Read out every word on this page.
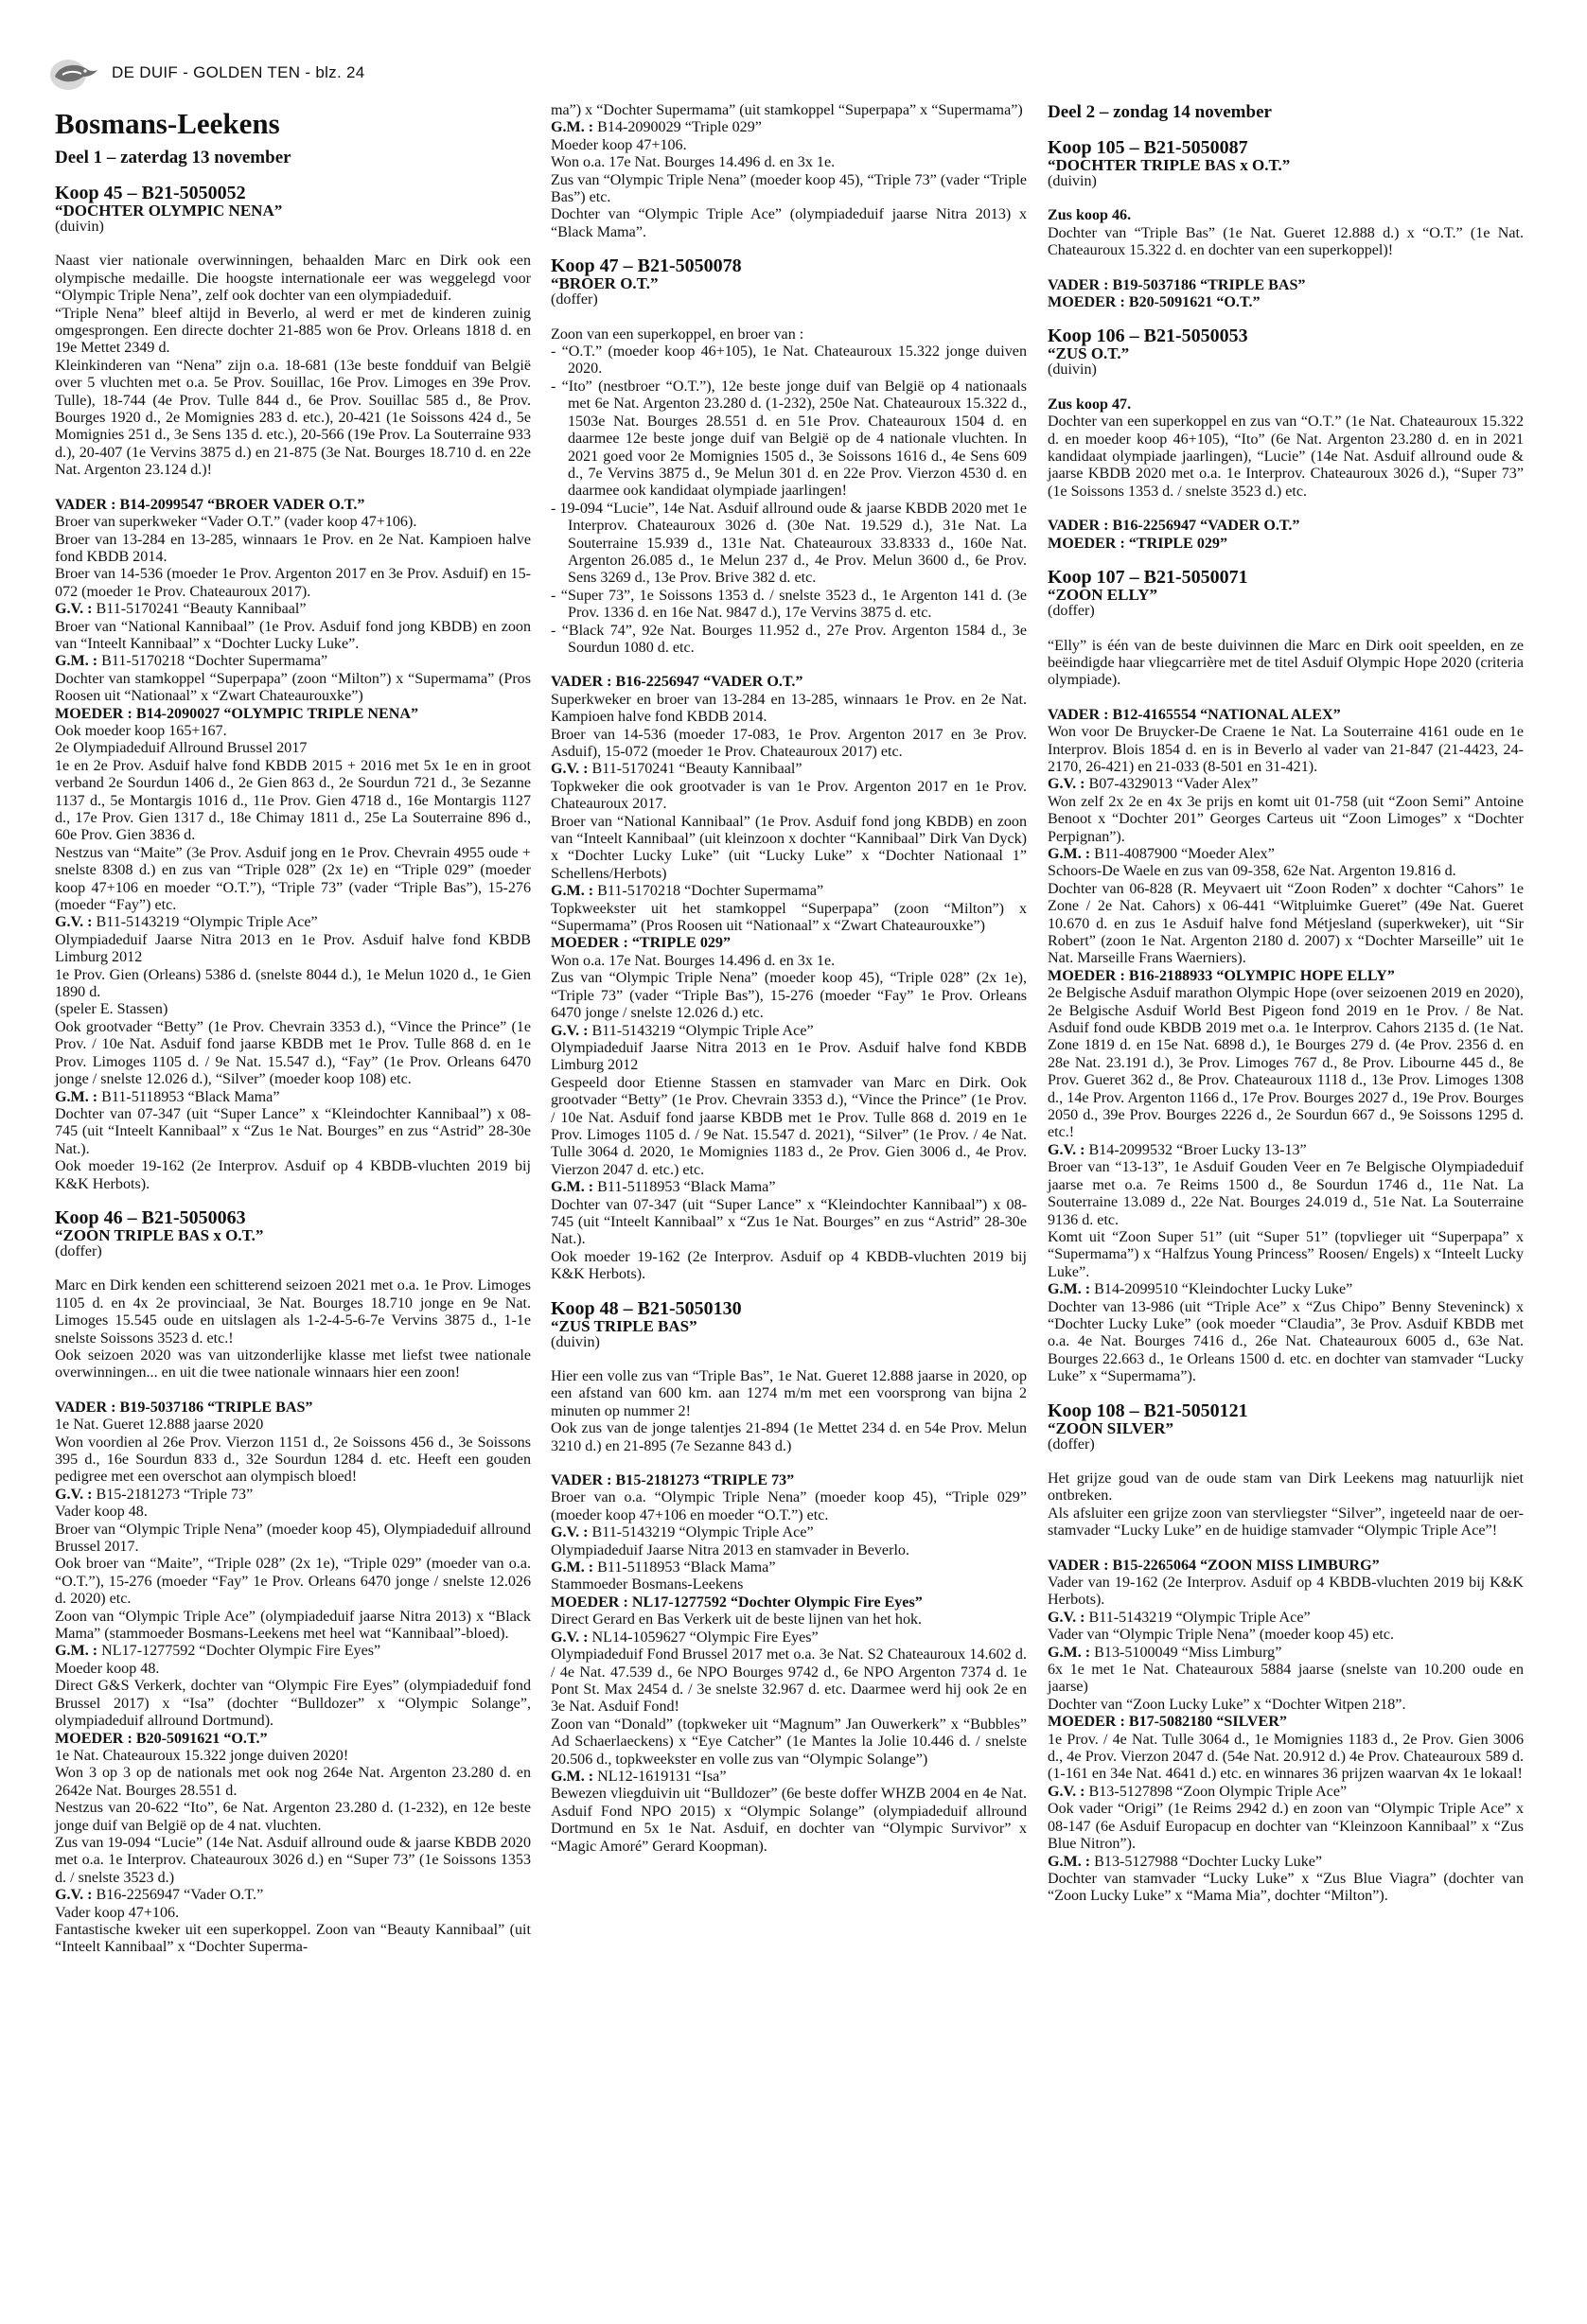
DE DUIF - GOLDEN TEN - blz. 24
Bosmans-Leekens
Deel 1 – zaterdag 13 november
Koop 45 – B21-5050052
“DOCHTER OLYMPIC NENA”
(duivin)

Naast vier nationale overwinningen, behaalden Marc en Dirk ook een olympische medaille. Die hoogste internationale eer was weggelegd voor “Olympic Triple Nena”, zelf ook dochter van een olympiadeduif.

“Triple Nena” bleef altijd in Beverlo, al werd er met de kinderen zuinig omgesprongen. Een directe dochter 21-885 won 6e Prov. Orleans 1818 d. en 19e Mettet 2349 d.

Kleinkinderen van “Nena” zijn o.a. 18-681 (13e beste fondduif van België over 5 vluchten met o.a. 5e Prov. Souillac, 16e Prov. Limoges en 39e Prov. Tulle), 18-744 (4e Prov. Tulle 844 d., 6e Prov. Souillac 585 d., 8e Prov. Bourges 1920 d., 2e Momignies 283 d. etc.), 20-421 (1e Soissons 424 d., 5e Momignies 251 d., 3e Sens 135 d. etc.), 20-566 (19e Prov. La Souterraine 933 d.), 20-407 (1e Vervins 3875 d.) en 21-875 (3e Nat. Bourges 18.710 d. en 22e Nat. Argenton 23.124 d.)!

VADER : B14-2099547 “BROER VADER O.T.”

Broer van superkweker “Vader O.T.” (vader koop 47+106).

Broer van 13-284 en 13-285, winnaars 1e Prov. en 2e Nat. Kampioen halve fond KBDB 2014.

Broer van 14-536 (moeder 1e Prov. Argenton 2017 en 3e Prov. Asduif) en 15-072 (moeder 1e Prov. Chateauroux 2017).

G.V. : B11-5170241 “Beauty Kannibaal”

Broer van “National Kannibaal” (1e Prov. Asduif fond jong KBDB) en zoon van “Inteelt Kannibaal” x “Dochter Lucky Luke”.

G.M. : B11-5170218 “Dochter Supermama”

Dochter van stamkoppel “Superpapa” (zoon “Milton”) x “Supermama” (Pros Roosen uit “Nationaal” x “Zwart Chateaurouxke”)

MOEDER : B14-2090027 “OLYMPIC TRIPLE NENA”

Ook moeder koop 165+167.

2e Olympiadeduif Allround Brussel 2017

1e en 2e Prov. Asduif halve fond KBDB 2015 + 2016 met 5x 1e en in groot verband 2e Sourdun 1406 d., 2e Gien 863 d., 2e Sourdun 721 d., 3e Sezanne 1137 d., 5e Montargis 1016 d., 11e Prov. Gien 4718 d., 16e Montargis 1127 d., 17e Prov. Gien 1317 d., 18e Chimay 1811 d., 25e La Souterraine 896 d., 60e Prov. Gien 3836 d.

Nestzus van “Maite” (3e Prov. Asduif jong en 1e Prov. Chevrain 4955 oude + snelste 8308 d.) en zus van “Triple 028” (2x 1e) en “Triple 029” (moeder koop 47+106 en moeder “O.T.”), “Triple 73” (vader “Triple Bas”), 15-276 (moeder “Fay”) etc.

G.V. : B11-5143219 “Olympic Triple Ace”

Olympiadeduif Jaarse Nitra 2013 en 1e Prov. Asduif halve fond KBDB Limburg 2012

1e Prov. Gien (Orleans) 5386 d. (snelste 8044 d.), 1e Melun 1020 d., 1e Gien 1890 d.

(speler E. Stassen)

Ook grootvader “Betty” (1e Prov. Chevrain 3353 d.), “Vince the Prince” (1e Prov. / 10e Nat. Asduif fond jaarse KBDB met 1e Prov. Tulle 868 d. en 1e Prov. Limoges 1105 d. / 9e Nat. 15.547 d.), “Fay” (1e Prov. Orleans 6470 jonge / snelste 12.026 d.), “Silver” (moeder koop 108) etc.

G.M. : B11-5118953 “Black Mama”

Dochter van 07-347 (uit “Super Lance” x “Kleindochter Kannibaal”) x 08-745 (uit “Inteelt Kannibaal” x “Zus 1e Nat. Bourges” en zus “Astrid” 28-30e Nat.).

Ook moeder 19-162 (2e Interprov. Asduif op 4 KBDB-vluchten 2019 bij K&K Herbots).

Koop 46 – B21-5050063
“ZOON TRIPLE BAS x O.T.”
(doffer)

Marc en Dirk kenden een schitterend seizoen 2021 met o.a. 1e Prov. Limoges 1105 d. en 4x 2e provinciaal, 3e Nat. Bourges 18.710 jonge en 9e Nat. Limoges 15.545 oude en uitslagen als 1-2-4-5-6-7e Vervins 3875 d., 1-1e snelste Soissons 3523 d. etc.!

Ook seizoen 2020 was van uitzonderlijke klasse met liefst twee nationale overwinningen... en uit die twee nationale winnaars hier een zoon!

VADER : B19-5037186 “TRIPLE BAS”

1e Nat. Gueret 12.888 jaarse 2020

Won voordien al 26e Prov. Vierzon 1151 d., 2e Soissons 456 d., 3e Soissons 395 d., 16e Sourdun 833 d., 32e Sourdun 1284 d. etc. Heeft een gouden pedigree met een overschot aan olympisch bloed!

G.V. : B15-2181273 “Triple 73”

Vader koop 48.

Broer van “Olympic Triple Nena” (moeder koop 45), Olympiadeduif allround Brussel 2017.

Ook broer van “Maite”, “Triple 028” (2x 1e), “Triple 029” (moeder van o.a. “O.T.”), 15-276 (moeder “Fay” 1e Prov. Orleans 6470 jonge / snelste 12.026 d. 2020) etc.

Zoon van “Olympic Triple Ace” (olympiadeduif jaarse Nitra 2013) x “Black Mama” (stammoeder Bosmans-Leekens met heel wat “Kannibaal”-bloed).

G.M. : NL17-1277592 “Dochter Olympic Fire Eyes”

Moeder koop 48.

Direct G&S Verkerk, dochter van “Olympic Fire Eyes” (olympiadeduif fond Brussel 2017) x “Isa” (dochter “Bulldozer” x “Olympic Solange”, olympiadeduif allround Dortmund).

MOEDER : B20-5091621 “O.T.”

1e Nat. Chateauroux 15.322 jonge duiven 2020!

Won 3 op 3 op de nationals met ook nog 264e Nat. Argenton 23.280 d. en 2642e Nat. Bourges 28.551 d.

Nestzus van 20-622 “Ito”, 6e Nat. Argenton 23.280 d. (1-232), en 12e beste jonge duif van België op de 4 nat. vluchten.

Zus van 19-094 “Lucie” (14e Nat. Asduif allround oude & jaarse KBDB 2020 met o.a. 1e Interprov. Chateauroux 3026 d.) en “Super 73” (1e Soissons 1353 d. / snelste 3523 d.)

G.V. : B16-2256947 “Vader O.T.”

Vader koop 47+106.

Fantastische kweker uit een superkoppel. Zoon van “Beauty Kannibaal” (uit “Inteelt Kannibaal” x “Dochter Superma-

ma”) x “Dochter Supermama” (uit stamkoppel “Superpapa” x “Supermama”)

G.M. : B14-2090029 “Triple 029”

Moeder koop 47+106.

Won o.a. 17e Nat. Bourges 14.496 d. en 3x 1e.

Zus van “Olympic Triple Nena” (moeder koop 45), “Triple 73” (vader “Triple Bas”) etc.

Dochter van “Olympic Triple Ace” (olympiadeduif jaarse Nitra 2013) x “Black Mama”.

Koop 47 – B21-5050078
“BROER O.T.”
(doffer)

Zoon van een superkoppel, en broer van :

- “O.T.” (moeder koop 46+105), 1e Nat. Chateauroux 15.322 jonge duiven 2020.

- “Ito” (nestbroer “O.T.”), 12e beste jonge duif van België op 4 nationaals met 6e Nat. Argenton 23.280 d. (1-232), 250e Nat. Chateauroux 15.322 d., 1503e Nat. Bourges 28.551 d. en 51e Prov. Chateauroux 1504 d. en daarmee 12e beste jonge duif van België op de 4 nationale vluchten. In 2021 goed voor 2e Momignies 1505 d., 3e Soissons 1616 d., 4e Sens 609 d., 7e Vervins 3875 d., 9e Melun 301 d. en 22e Prov. Vierzon 4530 d. en daarmee ook kandidaat olympiade jaarlingen!

- 19-094 “Lucie”, 14e Nat. Asduif allround oude & jaarse KBDB 2020 met 1e Interprov. Chateauroux 3026 d. (30e Nat. 19.529 d.), 31e Nat. La Souterraine 15.939 d., 131e Nat. Chateauroux 33.8333 d., 160e Nat. Argenton 26.085 d., 1e Melun 237 d., 4e Prov. Melun 3600 d., 6e Prov. Sens 3269 d., 13e Prov. Brive 382 d. etc.

- “Super 73”, 1e Soissons 1353 d. / snelste 3523 d., 1e Argenton 141 d. (3e Prov. 1336 d. en 16e Nat. 9847 d.), 17e Vervins 3875 d. etc.

- “Black 74”, 92e Nat. Bourges 11.952 d., 27e Prov. Argenton 1584 d., 3e Sourdun 1080 d. etc.

VADER : B16-2256947 “VADER O.T.”

Superkweker en broer van 13-284 en 13-285, winnaars 1e Prov. en 2e Nat. Kampioen halve fond KBDB 2014.

Broer van 14-536 (moeder 17-083, 1e Prov. Argenton 2017 en 3e Prov. Asduif), 15-072 (moeder 1e Prov. Chateauroux 2017) etc.

G.V. : B11-5170241 “Beauty Kannibaal”

Topkweker die ook grootvader is van 1e Prov. Argenton 2017 en 1e Prov. Chateauroux 2017.

Broer van “National Kannibaal” (1e Prov. Asduif fond jong KBDB) en zoon van “Inteelt Kannibaal” (uit kleinzoon x dochter “Kannibaal” Dirk Van Dyck) x “Dochter Lucky Luke” (uit “Lucky Luke” x “Dochter Nationaal 1” Schellens/Herbots)

G.M. : B11-5170218 “Dochter Supermama”

Topkweekster uit het stamkoppel “Superpapa” (zoon “Milton”) x “Supermama” (Pros Roosen uit “Nationaal” x “Zwart Chateaurouxke”)

MOEDER : “TRIPLE 029”

Won o.a. 17e Nat. Bourges 14.496 d. en 3x 1e.

Zus van “Olympic Triple Nena” (moeder koop 45), “Triple 028” (2x 1e), “Triple 73” (vader “Triple Bas”), 15-276 (moeder “Fay” 1e Prov. Orleans 6470 jonge / snelste 12.026 d.) etc.

G.V. : B11-5143219 “Olympic Triple Ace”

Olympiadeduif Jaarse Nitra 2013 en 1e Prov. Asduif halve fond KBDB Limburg 2012

Gespeeld door Etienne Stassen en stamvader van Marc en Dirk. Ook grootvader “Betty” (1e Prov. Chevrain 3353 d.), “Vince the Prince” (1e Prov. / 10e Nat. Asduif fond jaarse KBDB met 1e Prov. Tulle 868 d. 2019 en 1e Prov. Limoges 1105 d. / 9e Nat. 15.547 d. 2021), “Silver” (1e Prov. / 4e Nat. Tulle 3064 d. 2020, 1e Momignies 1183 d., 2e Prov. Gien 3006 d., 4e Prov. Vierzon 2047 d. etc.) etc.

G.M. : B11-5118953 “Black Mama”

Dochter van 07-347 (uit “Super Lance” x “Kleindochter Kannibaal”) x 08-745 (uit “Inteelt Kannibaal” x “Zus 1e Nat. Bourges” en zus “Astrid” 28-30e Nat.).

Ook moeder 19-162 (2e Interprov. Asduif op 4 KBDB-vluchten 2019 bij K&K Herbots).

Koop 48 – B21-5050130
“ZUS TRIPLE BAS”
(duivin)

Hier een volle zus van “Triple Bas”, 1e Nat. Gueret 12.888 jaarse in 2020, op een afstand van 600 km. aan 1274 m/m met een voorsprong van bijna 2 minuten op nummer 2!

Ook zus van de jonge talentjes 21-894 (1e Mettet 234 d. en 54e Prov. Melun 3210 d.) en 21-895 (7e Sezanne 843 d.)

VADER : B15-2181273 “TRIPLE 73”

Broer van o.a. “Olympic Triple Nena” (moeder koop 45), “Triple 029” (moeder koop 47+106 en moeder “O.T.”) etc.

G.V. : B11-5143219 “Olympic Triple Ace”

Olympiadeduif Jaarse Nitra 2013 en stamvader in Beverlo.

G.M. : B11-5118953 “Black Mama”

Stammoeder Bosmans-Leekens

MOEDER : NL17-1277592 “Dochter Olympic Fire Eyes”

Direct Gerard en Bas Verkerk uit de beste lijnen van het hok.

G.V. : NL14-1059627 “Olympic Fire Eyes”

Olympiadeduif Fond Brussel 2017 met o.a. 3e Nat. S2 Chateauroux 14.602 d. / 4e Nat. 47.539 d., 6e NPO Bourges 9742 d., 6e NPO Argenton 7374 d. 1e Pont St. Max 2454 d. / 3e snelste 32.967 d. etc. Daarmee werd hij ook 2e en 3e Nat. Asduif Fond!

Zoon van “Donald” (topkweker uit “Magnum” Jan Ouwerkerk” x “Bubbles” Ad Schaerlaeckens) x “Eye Catcher” (1e Mantes la Jolie 10.446 d. / snelste 20.506 d., topkweekster en volle zus van “Olympic Solange”)

G.M. : NL12-1619131 “Isa”

Bewezen vliegduivin uit “Bulldozer” (6e beste doffer WHZB 2004 en 4e Nat. Asduif Fond NPO 2015) x “Olympic Solange” (olympiadeduif allround Dortmund en 5x 1e Nat. Asduif, en dochter van “Olympic Survivor” x “Magic Amoré” Gerard Koopman).

Deel 2 – zondag 14 november
Koop 105 – B21-5050087
“DOCHTER TRIPLE BAS x O.T.”
(duivin)
Zus koop 46.

Dochter van “Triple Bas” (1e Nat. Gueret 12.888 d.) x “O.T.” (1e Nat. Chateauroux 15.322 d. en dochter van een superkoppel)!

VADER : B19-5037186 “TRIPLE BAS”
MOEDER : B20-5091621 “O.T.”
Koop 106 – B21-5050053
“ZUS O.T.”
(duivin)
Zus koop 47.

Dochter van een superkoppel en zus van “O.T.” (1e Nat. Chateauroux 15.322 d. en moeder koop 46+105), “Ito” (6e Nat. Argenton 23.280 d. en in 2021 kandidaat olympiade jaarlingen), “Lucie” (14e Nat. Asduif allround oude & jaarse KBDB 2020 met o.a. 1e Interprov. Chateauroux 3026 d.), “Super 73” (1e Soissons 1353 d. / snelste 3523 d.) etc.

VADER : B16-2256947 “VADER O.T.”
MOEDER : “TRIPLE 029”
Koop 107 – B21-5050071
“ZOON ELLY”
(doffer)

“Elly” is één van de beste duivinnen die Marc en Dirk ooit speelden, en ze beëindigde haar vliegcarrière met de titel Asduif Olympic Hope 2020 (criteria olympiade).

VADER : B12-4165554 “NATIONAL ALEX”

Won voor De Bruycker-De Craene 1e Nat. La Souterraine 4161 oude en 1e Interprov. Blois 1854 d. en is in Beverlo al vader van 21-847 (21-4423, 24-2170, 26-421) en 21-033 (8-501 en 31-421).

G.V. : B07-4329013 “Vader Alex”

Won zelf 2x 2e en 4x 3e prijs en komt uit 01-758 (uit “Zoon Semi” Antoine Benoot x “Dochter 201” Georges Carteus uit “Zoon Limoges” x “Dochter Perpignan”).

G.M. : B11-4087900 “Moeder Alex”

Schoors-De Waele en zus van 09-358, 62e Nat. Argenton 19.816 d.

Dochter van 06-828 (R. Meyvaert uit “Zoon Roden” x dochter “Cahors” 1e Zone / 2e Nat. Cahors) x 06-441 “Witpluimke Gueret” (49e Nat. Gueret 10.670 d. en zus 1e Asduif halve fond Métjesland (superkweker), uit “Sir Robert” (zoon 1e Nat. Argenton 2180 d. 2007) x “Dochter Marseille” uit 1e Nat. Marseille Frans Waerniers).

MOEDER : B16-2188933 “OLYMPIC HOPE ELLY”

2e Belgische Asduif marathon Olympic Hope (over seizoenen 2019 en 2020), 2e Belgische Asduif World Best Pigeon fond 2019 en 1e Prov. / 8e Nat. Asduif fond oude KBDB 2019 met o.a. 1e Interprov. Cahors 2135 d. (1e Nat. Zone 1819 d. en 15e Nat. 6898 d.), 1e Bourges 279 d. (4e Prov. 2356 d. en 28e Nat. 23.191 d.), 3e Prov. Limoges 767 d., 8e Prov. Libourne 445 d., 8e Prov. Gueret 362 d., 8e Prov. Chateauroux 1118 d., 13e Prov. Limoges 1308 d., 14e Prov. Argenton 1166 d., 17e Prov. Bourges 2027 d., 19e Prov. Bourges 2050 d., 39e Prov. Bourges 2226 d., 2e Sourdun 667 d., 9e Soissons 1295 d. etc.!

G.V. : B14-2099532 “Broer Lucky 13-13”

Broer van “13-13”, 1e Asduif Gouden Veer en 7e Belgische Olympiadeduif jaarse met o.a. 7e Reims 1500 d., 8e Sourdun 1746 d., 11e Nat. La Souterraine 13.089 d., 22e Nat. Bourges 24.019 d., 51e Nat. La Souterraine 9136 d. etc.

Komt uit “Zoon Super 51” (uit “Super 51” (topvlieger uit “Superpapa” x “Supermama”) x “Halfzus Young Princess” Roosen/ Engels) x “Inteelt Lucky Luke”.

G.M. : B14-2099510 “Kleindochter Lucky Luke”

Dochter van 13-986 (uit “Triple Ace” x “Zus Chipo” Benny Steveninck) x “Dochter Lucky Luke” (ook moeder “Claudia”, 3e Prov. Asduif KBDB met o.a. 4e Nat. Bourges 7416 d., 26e Nat. Chateauroux 6005 d., 63e Nat. Bourges 22.663 d., 1e Orleans 1500 d. etc. en dochter van stamvader “Lucky Luke” x “Supermama”).

Koop 108 – B21-5050121
“ZOON SILVER”
(doffer)

Het grijze goud van de oude stam van Dirk Leekens mag natuurlijk niet ontbreken.

Als afsluiter een grijze zoon van stervliegster “Silver”, ingeteeld naar de oer-stamvader “Lucky Luke” en de huidige stamvader “Olympic Triple Ace”!

VADER : B15-2265064 “ZOON MISS LIMBURG”

Vader van 19-162 (2e Interprov. Asduif op 4 KBDB-vluchten 2019 bij K&K Herbots).

G.V. : B11-5143219 “Olympic Triple Ace”

Vader van “Olympic Triple Nena” (moeder koop 45) etc.

G.M. : B13-5100049 “Miss Limburg”

6x 1e met 1e Nat. Chateauroux 5884 jaarse (snelste van 10.200 oude en jaarse)

Dochter van “Zoon Lucky Luke” x “Dochter Witpen 218”.

MOEDER : B17-5082180 “SILVER”

1e Prov. / 4e Nat. Tulle 3064 d., 1e Momignies 1183 d., 2e Prov. Gien 3006 d., 4e Prov. Vierzon 2047 d. (54e Nat. 20.912 d.) 4e Prov. Chateauroux 589 d. (1-161 en 34e Nat. 4641 d.) etc. en winnares 36 prijzen waarvan 4x 1e lokaal!

G.V. : B13-5127898 “Zoon Olympic Triple Ace”

Ook vader “Origi” (1e Reims 2942 d.) en zoon van “Olympic Triple Ace” x 08-147 (6e Asduif Europacup en dochter van “Kleinzoon Kannibaal” x “Zus Blue Nitron”).

G.M. : B13-5127988 “Dochter Lucky Luke”

Dochter van stamvader “Lucky Luke” x “Zus Blue Viagra” (dochter van “Zoon Lucky Luke” x “Mama Mia”, dochter “Milton”).
